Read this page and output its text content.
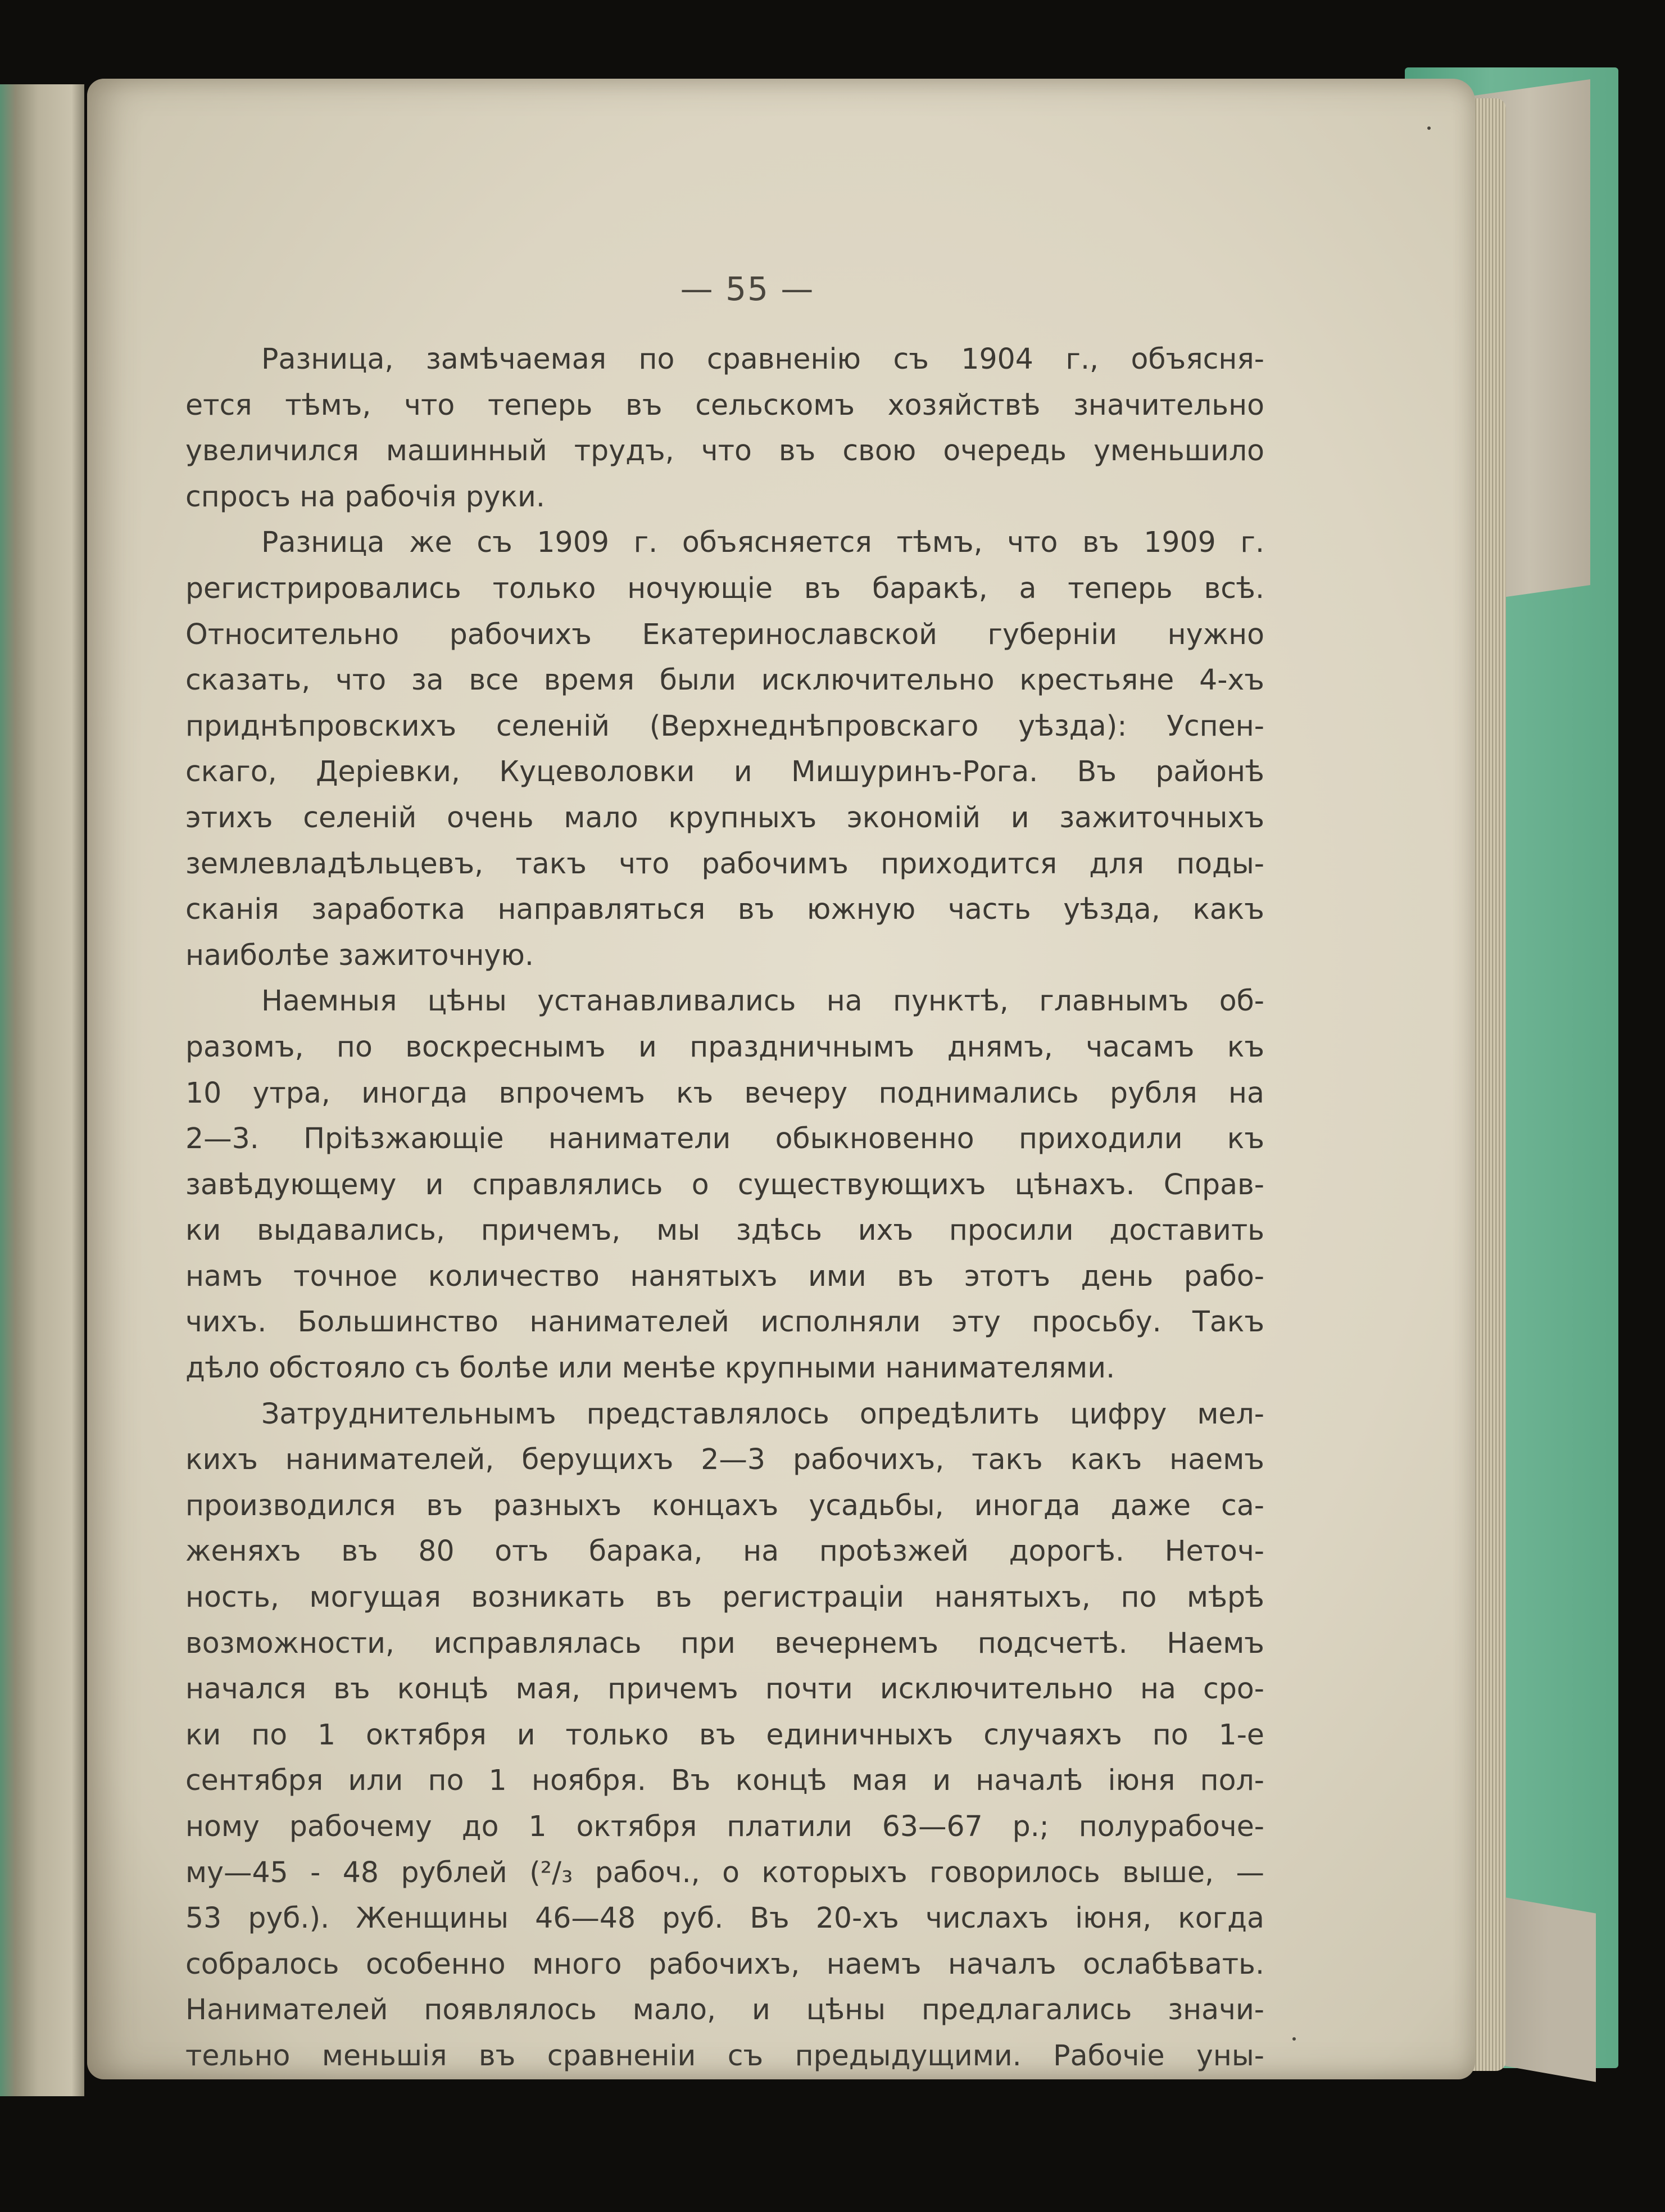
— 55 —
Разница, замѣчаемая по сравненію съ 1904 г., объясня-
ется тѣмъ, что теперь въ сельскомъ хозяйствѣ значительно
увеличился машинный трудъ, что въ свою очередь уменьшило
спросъ на рабочія руки.
Разница же съ 1909 г. объясняется тѣмъ, что въ 1909 г.
регистрировались только ночующіе въ баракѣ, а теперь всѣ.
Относительно рабочихъ Екатеринославской губерніи нужно
сказать, что за все время были исключительно крестьяне 4-хъ
приднѣпровскихъ селеній (Верхнеднѣпровскаго уѣзда): Успен-
скаго, Деріевки, Куцеволовки и Мишуринъ-Рога. Въ районѣ
этихъ селеній очень мало крупныхъ экономій и зажиточныхъ
землевладѣльцевъ, такъ что рабочимъ приходится для поды-
сканія заработка направляться въ южную часть уѣзда, какъ
наиболѣе зажиточную.
Наемныя цѣны устанавливались на пунктѣ, главнымъ об-
разомъ, по воскреснымъ и праздничнымъ днямъ, часамъ къ
10 утра, иногда впрочемъ къ вечеру поднимались рубля на
2—3. Пріѣзжающіе наниматели обыкновенно приходили къ
завѣдующему и справлялись о существующихъ цѣнахъ. Справ-
ки выдавались, причемъ, мы здѣсь ихъ просили доставить
намъ точное количество нанятыхъ ими въ этотъ день рабо-
чихъ. Большинство нанимателей исполняли эту просьбу. Такъ
дѣло обстояло съ болѣе или менѣе крупными нанимателями.
Затруднительнымъ представлялось опредѣлить цифру мел-
кихъ нанимателей, берущихъ 2—3 рабочихъ, такъ какъ наемъ
производился въ разныхъ концахъ усадьбы, иногда даже са-
женяхъ въ 80 отъ барака, на проѣзжей дорогѣ. Неточ-
ность, могущая возникать въ регистраціи нанятыхъ, по мѣрѣ
возможности, исправлялась при вечернемъ подсчетѣ. Наемъ
начался въ концѣ мая, причемъ почти исключительно на сро-
ки по 1 октября и только въ единичныхъ случаяхъ по 1-е
сентября или по 1 ноября. Въ концѣ мая и началѣ іюня пол-
ному рабочему до 1 октября платили 63—67 р.; полурабоче-
му—45 - 48 рублей (²/₃ рабоч., о которыхъ говорилось выше, —
53 руб.). Женщины 46—48 руб. Въ 20-хъ числахъ іюня, когда
собралось особенно много рабочихъ, наемъ началъ ослабѣвать.
Нанимателей появлялось мало, и цѣны предлагались значи-
тельно меньшія въ сравненіи съ предыдущими. Рабочіе уны-
